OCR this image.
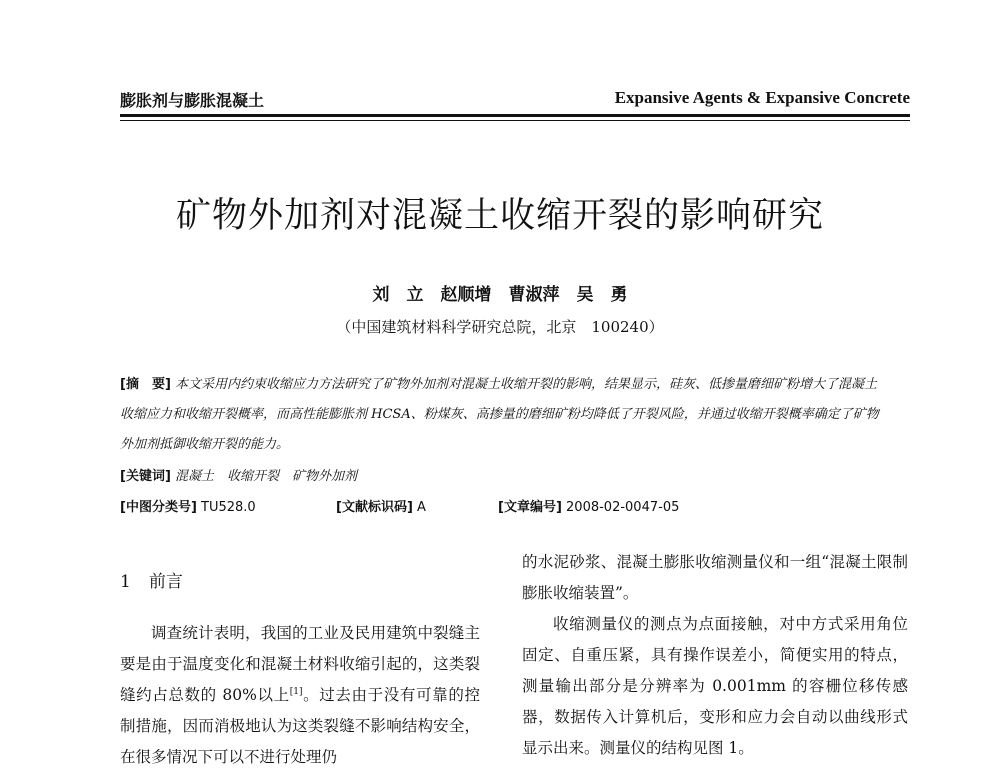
膨胀剂与膨胀混凝土	Expansive Agents & Expansive Concrete
矿物外加剂对混凝土收缩开裂的影响研究
刘　立　赵顺增　曹淑萍　吴　勇
（中国建筑材料科学研究总院，北京　100240）
[摘　要] 本文采用内约束收缩应力方法研究了矿物外加剂对混凝土收缩开裂的影响，结果显示，硅灰、低掺量磨细矿粉增大了混凝土收缩应力和收缩开裂概率，而高性能膨胀剂 HCSA、粉煤灰、高掺量的磨细矿粉均降低了开裂风险，并通过收缩开裂概率确定了矿物外加剂抵御收缩开裂的能力。
[关键词] 混凝土　收缩开裂　矿物外加剂
[中图分类号] TU528.0	[文献标识码] A	[文章编号] 2008-02-0047-05
1 前言
调查统计表明，我国的工业及民用建筑中裂缝主要是由于温度变化和混凝土材料收缩引起的，这类裂缝约占总数的 80%以上[1]。过去由于没有可靠的控制措施，因而消极地认为这类裂缝不影响结构安全，在很多情况下可以不进行处理仍
的水泥砂浆、混凝土膨胀收缩测量仪和一组“混凝土限制膨胀收缩装置”。
收缩测量仪的测点为点面接触，对中方式采用角位固定、自重压紧，具有操作误差小，简便实用的特点，测量输出部分是分辨率为 0.001mm 的容栅位移传感器，数据传入计算机后，变形和应力会自动以曲线形式显示出来。测量仪的结构见图 1。
